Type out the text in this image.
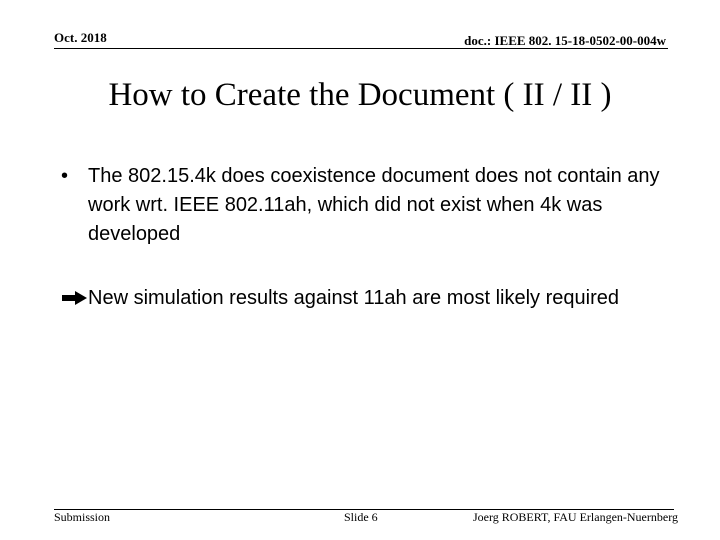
Oct. 2018	doc.: IEEE 802. 15-18-0502-00-004w
How to Create the Document ( II / II )
• The 802.15.4k does coexistence document does not contain any work wrt. IEEE 802.11ah, which did not exist when 4k was developed
New simulation results against 11ah are most likely required
Submission	Slide 6	Joerg ROBERT, FAU Erlangen-Nuernberg
